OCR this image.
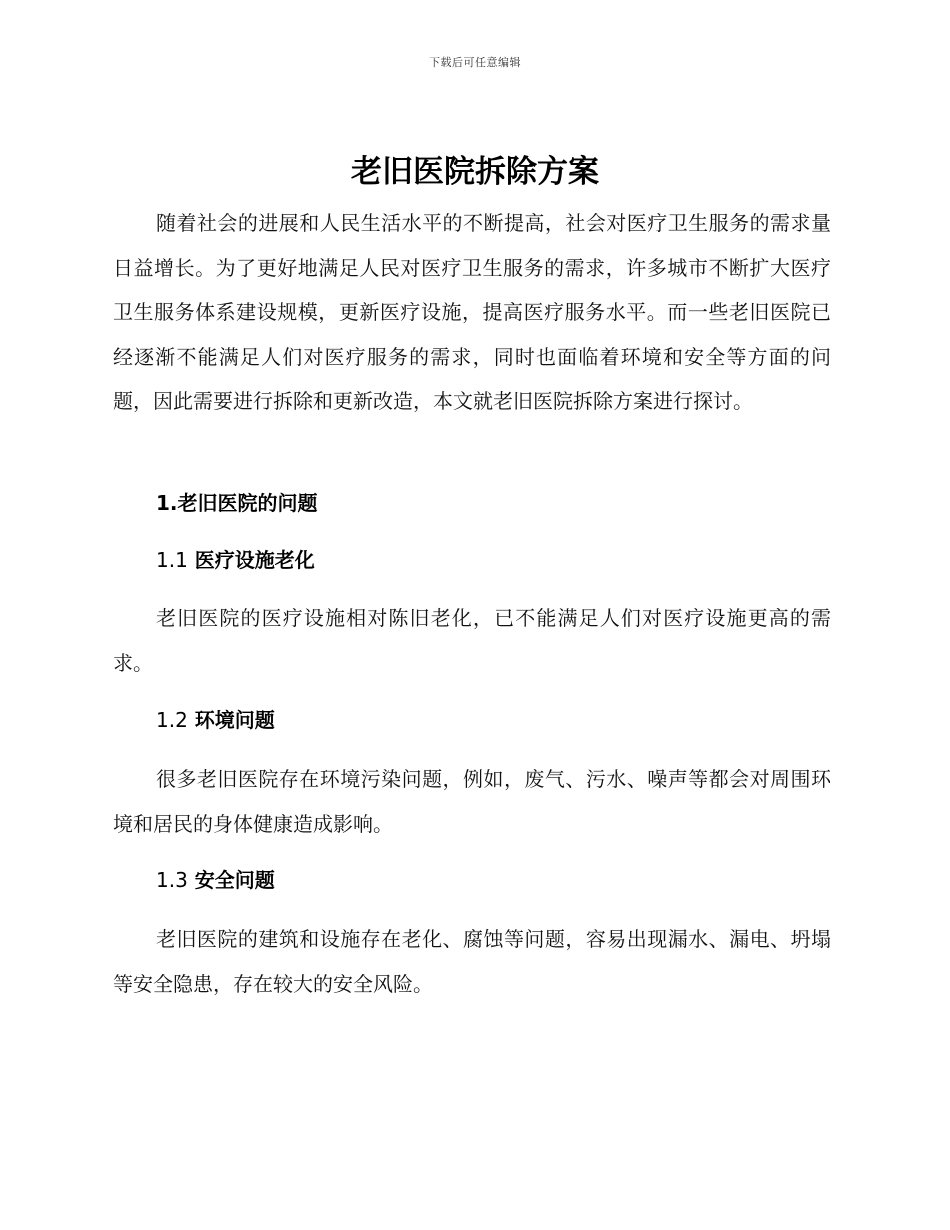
下载后可任意编辑
老旧医院拆除方案

随着社会的进展和人民生活水平的不断提高，社会对医疗卫生服务的需求量日益增长。为了更好地满足人民对医疗卫生服务的需求，许多城市不断扩大医疗卫生服务体系建设规模，更新医疗设施，提高医疗服务水平。而一些老旧医院已经逐渐不能满足人们对医疗服务的需求，同时也面临着环境和安全等方面的问题，因此需要进行拆除和更新改造，本文就老旧医院拆除方案进行探讨。

1.老旧医院的问题
1.1 医疗设施老化

老旧医院的医疗设施相对陈旧老化，已不能满足人们对医疗设施更高的需求。

1.2 环境问题

很多老旧医院存在环境污染问题，例如，废气、污水、噪声等都会对周围环境和居民的身体健康造成影响。

1.3 安全问题

老旧医院的建筑和设施存在老化、腐蚀等问题，容易出现漏水、漏电、坍塌等安全隐患，存在较大的安全风险。
